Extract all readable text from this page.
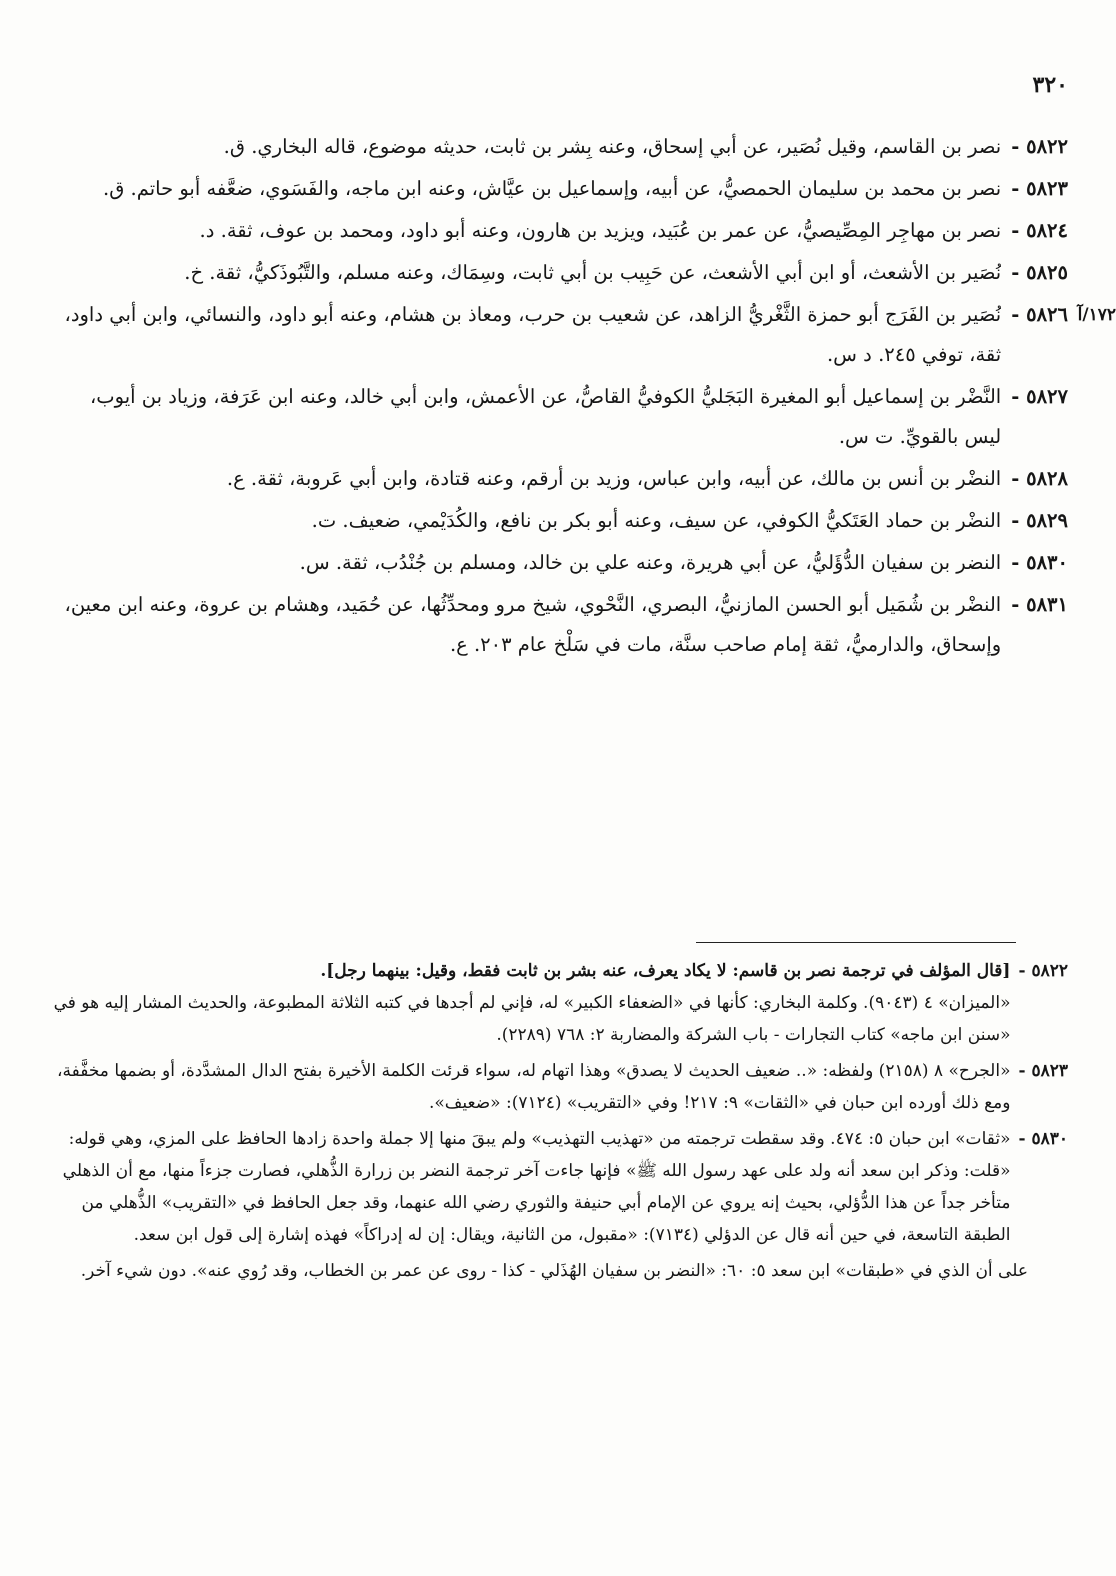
٣٢٠
٥٨٢٢ -
نصر بن القاسم، وقيل نُصَير، عن أبي إسحاق، وعنه بِشر بن ثابت، حديثه موضوع، قاله البخاري. ق.
٥٨٢٣ -
نصر بن محمد بن سليمان الحمصيُّ، عن أبيه، وإسماعيل بن عيَّاش، وعنه ابن ماجه، والفَسَوي، ضعَّفه أبو حاتم. ق.
٥٨٢٤ -
نصر بن مهاجِر المِصِّيصيُّ، عن عمر بن عُبَيد، ويزيد بن هارون، وعنه أبو داود، ومحمد بن عوف، ثقة. د.
٥٨٢٥ -
نُصَير بن الأشعث، أو ابن أبي الأشعث، عن حَبِيب بن أبي ثابت، وسِمَاك، وعنه مسلم، والتَّبُوذَكيُّ، ثقة. خ.
١٧٢/آ
٥٨٢٦ -
نُصَير بن الفَرَج أبو حمزة الثَّغْريُّ الزاهد، عن شعيب بن حرب، ومعاذ بن هشام، وعنه أبو داود، والنسائي، وابن أبي داود، ثقة، توفي ٢٤٥. د س.
٥٨٢٧ -
النَّضْر بن إسماعيل أبو المغيرة البَجَليُّ الكوفيُّ القاصُّ، عن الأعمش، وابن أبي خالد، وعنه ابن عَرَفة، وزياد بن أيوب، ليس بالقويِّ. ت س.
٥٨٢٨ -
النضْر بن أنس بن مالك، عن أبيه، وابن عباس، وزيد بن أرقم، وعنه قتادة، وابن أبي عَروبة، ثقة. ع.
٥٨٢٩ -
النضْر بن حماد العَتَكيُّ الكوفي، عن سيف، وعنه أبو بكر بن نافع، والكُدَيْمي، ضعيف. ت.
٥٨٣٠ -
النضر بن سفيان الدُّؤَليُّ، عن أبي هريرة، وعنه علي بن خالد، ومسلم بن جُنْدُب، ثقة. س.
٥٨٣١ -
النضْر بن شُمَيل أبو الحسن المازنيُّ، البصري، النَّحْوي، شيخ مرو ومحدِّثُها، عن حُمَيد، وهشام بن عروة، وعنه ابن معين، وإسحاق، والدارميُّ، ثقة إمام صاحب سنَّة، مات في سَلْخ عام ٢٠٣. ع.
٥٨٢٢ -
[قال المؤلف في ترجمة نصر بن قاسم: لا يكاد يعرف، عنه بشر بن ثابت فقط، وقيل: بينهما رجل].
«الميزان» ٤ (٩٠٤٣). وكلمة البخاري: كأنها في «الضعفاء الكبير» له، فإني لم أجدها في كتبه الثلاثة المطبوعة، والحديث المشار إليه هو في «سنن ابن ماجه» كتاب التجارات - باب الشركة والمضاربة ٢: ٧٦٨ (٢٢٨٩).
٥٨٢٣ -
«الجرح» ٨ (٢١٥٨) ولفظه: «.. ضعيف الحديث لا يصدق» وهذا اتهام له، سواء قرئت الكلمة الأخيرة بفتح الدال المشدَّدة، أو بضمها مخفَّفة، ومع ذلك أورده ابن حبان في «الثقات» ٩: ٢١٧! وفي «التقريب» (٧١٢٤): «ضعيف».
٥٨٣٠ -
«ثقات» ابن حبان ٥: ٤٧٤. وقد سقطت ترجمته من «تهذيب التهذيب» ولم يبقَ منها إلا جملة واحدة زادها الحافظ على المزي، وهي قوله: «قلت: وذكر ابن سعد أنه ولد على عهد رسول الله ﷺ» فإنها جاءت آخر ترجمة النضر بن زرارة الذُّهلي، فصارت جزءاً منها، مع أن الذهلي متأخر جداً عن هذا الدُّؤلي، بحيث إنه يروي عن الإمام أبي حنيفة والثوري رضي الله عنهما، وقد جعل الحافظ في «التقريب» الذُّهلي من الطبقة التاسعة، في حين أنه قال عن الدؤلي (٧١٣٤): «مقبول، من الثانية، ويقال: إن له إدراكاً» فهذه إشارة إلى قول ابن سعد.
على أن الذي في «طبقات» ابن سعد ٥: ٦٠: «النضر بن سفيان الهُذَلي - كذا - روى عن عمر بن الخطاب، وقد رُوي عنه». دون شيء آخر.
